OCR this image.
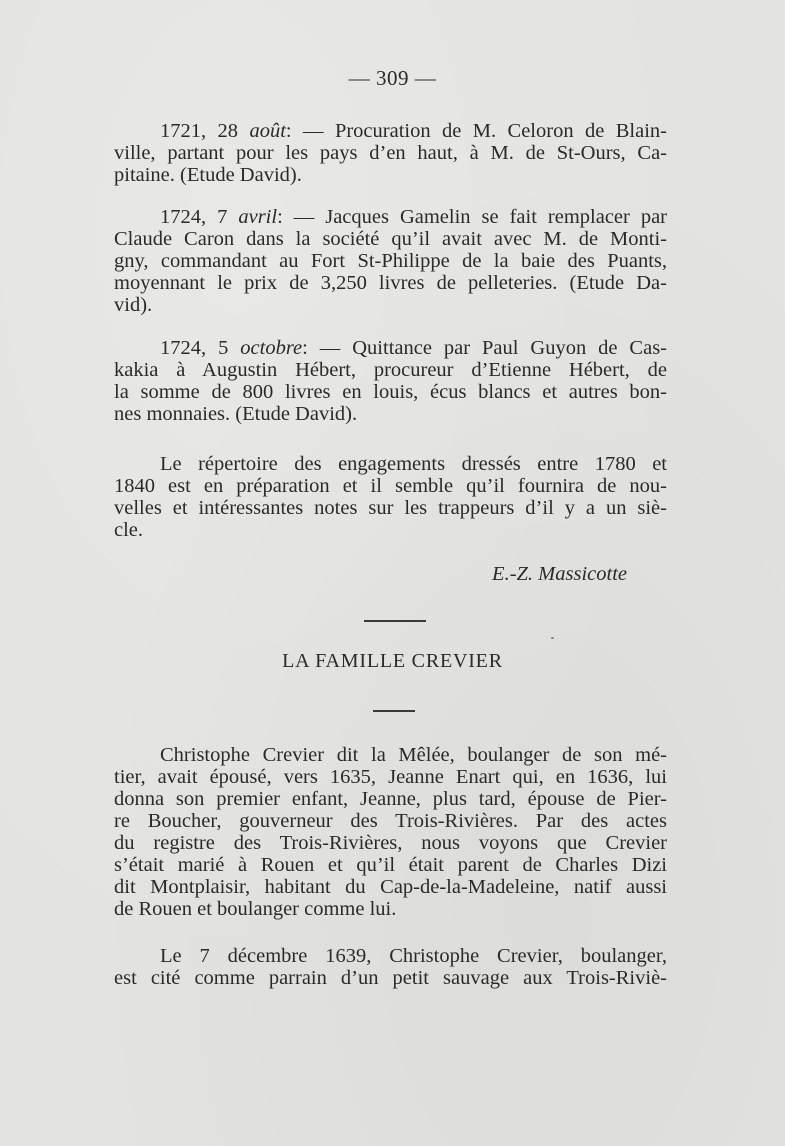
— 309 —
1721, 28 août: — Procuration de M. Celoron de Blain-
ville, partant pour les pays d’en haut, à M. de St-Ours, Ca-
pitaine. (Etude David).
1724, 7 avril: — Jacques Gamelin se fait remplacer par
Claude Caron dans la société qu’il avait avec M. de Monti-
gny, commandant au Fort St-Philippe de la baie des Puants,
moyennant le prix de 3,250 livres de pelleteries. (Etude Da-
vid).
1724, 5 octobre: — Quittance par Paul Guyon de Cas-
kakia à Augustin Hébert, procureur d’Etienne Hébert, de
la somme de 800 livres en louis, écus blancs et autres bon-
nes monnaies. (Etude David).
Le répertoire des engagements dressés entre 1780 et
1840 est en préparation et il semble qu’il fournira de nou-
velles et intéressantes notes sur les trappeurs d’il y a un siè-
cle.
E.-Z. Massicotte
LA FAMILLE CREVIER
Christophe Crevier dit la Mêlée, boulanger de son mé-
tier, avait épousé, vers 1635, Jeanne Enart qui, en 1636, lui
donna son premier enfant, Jeanne, plus tard, épouse de Pier-
re Boucher, gouverneur des Trois-Rivières. Par des actes
du registre des Trois-Rivières, nous voyons que Crevier
s’était marié à Rouen et qu’il était parent de Charles Dizi
dit Montplaisir, habitant du Cap-de-la-Madeleine, natif aussi
de Rouen et boulanger comme lui.
Le 7 décembre 1639, Christophe Crevier, boulanger,
est cité comme parrain d’un petit sauvage aux Trois-Riviè-
